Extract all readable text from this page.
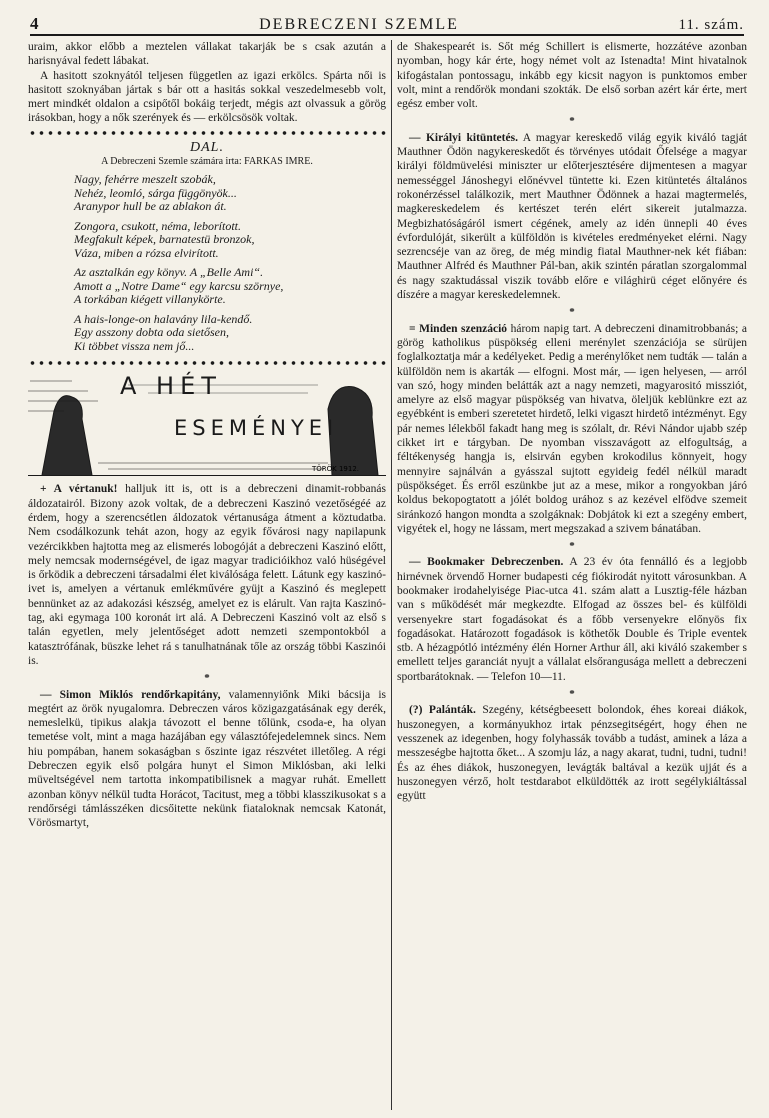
4	DEBRECZENI SZEMLE	11. szám.

uraim, akkor előbb a meztelen vállakat takarják be s csak azután a harisnyával fedett lábakat.

A hasitott szoknyától teljesen független az igazi erkölcs. Spárta női is hasitott szoknyában jártak s bár ott a hasitás sokkal veszedelmesebb volt, mert mindkét oldalon a csipőtől bokáig terjedt, mégis azt olvassuk a görög irásokban, hogy a nők szerények és — erkölcsösök voltak.

DAL.
A Debreczeni Szemle számára irta: FARKAS IMRE.
Nagy, fehérre meszelt szobák,
Nehéz, leomló, sárga függönyök...
Aranypor hull be az ablakon át.
Zongora, csukott, néma, leborított.
Megfakult képek, barnatestü bronzok,
Váza, miben a rózsa elvirított.
Az asztalkán egy könyv. A „Belle Ami“.
Amott a „Notre Dame“ egy karcsu szörnye,
A torkában kiégett villanykörte.
A hais-longe-on halavány lila-kendő.
Egy asszony dobta oda sietősen,
Ki többet vissza nem jő...
TÖRÖK 1912.
A HÉT
ESEMÉNYEI

+ A vértanuk! halljuk itt is, ott is a debreczeni dinamit-robbanás áldozatairól. Bizony azok voltak, de a debreczeni Kaszinó vezetőségéé az érdem, hogy a szerencsétlen áldozatok vértanusága átment a köztudatba. Nem csodálkozunk tehát azon, hogy az egyik fővárosi nagy napilapunk vezércikkben hajtotta meg az elismerés lobogóját a debreczeni Kaszinó előtt, mely nemcsak modernségével, de igaz magyar tradicióikhoz való hüségével is őrködik a debreczeni társadalmi élet kiválósága felett. Látunk egy kaszinó-ivet is, amelyen a vértanuk emlékművére gyüjt a Kaszinó és meglepett bennünket az az adakozási készség, amelyet ez is elárult. Van rajta Kaszinó-tag, aki egymaga 100 koronát irt alá. A Debreczeni Kaszinó volt az első s talán egyetlen, mely jelentőséget adott nemzeti szempontokból a katasztrófának, büszke lehet rá s tanulhatnának tőle az ország többi Kaszinói is.

*

— Simon Miklós rendőrkapitány, valamennyiőnk Miki bácsija is megtért az örök nyugalomra. Debreczen város közigazgatásának egy derék, nemeslelkü, tipikus alakja távozott el benne tőlünk, csoda-e, ha olyan temetése volt, mint a maga hazájában egy választófejedelemnek sincs. Nem hiu pompában, hanem sokaságban s őszinte igaz részvétet illetőleg. A régi Debreczen egyik első polgára hunyt el Simon Miklósban, aki lelki müveltségével nem tartotta inkompatibilisnek a magyar ruhát. Emellett azonban könyv nélkül tudta Horácot, Tacitust, meg a többi klasszikusokat s a rendőrségi támlásszéken dicsőitette nekünk fiataloknak nemcsak Katonát, Vörösmartyt,

de Shakespearét is. Sőt még Schillert is elismerte, hozzátéve azonban nyomban, hogy kár érte, hogy német volt az Istenadta! Mint hivatalnok kifogástalan pontossagu, inkább egy kicsit nagyon is punktomos ember volt, mint a rendőrök mondani szokták. De első sorban azért kár érte, mert egész ember volt.

*

— Királyi kitüntetés. A magyar kereskedő világ egyik kiváló tagját Mauthner Ödön nagykereskedőt és törvényes utódait Őfelsége a magyar királyi földmüvelési miniszter ur előterjesztésére dijmentesen a magyar nemességgel Jánoshegyi előnévvel tüntette ki. Ezen kitüntetés általános rokonérzéssel találkozik, mert Mauthner Ödönnek a hazai magtermelés, magkereskedelem és kertészet terén elért sikereit jutalmazza. Megbizhatóságáról ismert cégének, amely az idén ünnepli 40 éves évfordulóját, sikerült a külföldön is kivételes eredményeket elérni. Nagy sezrencséje van az öreg, de még mindig fiatal Mauthner-nek két fiában: Mauthner Alfréd és Mauthner Pál-ban, akik szintén páratlan szorgalommal és nagy szaktudással viszik tovább előre e világhirü céget előnyére és díszére a magyar kereskedelemnek.

*

= Minden szenzáció három napig tart. A debreczeni dinamitrobbanás; a görög katholikus püspökség elleni merénylet szenzációja se sürüjen foglalkoztatja már a kedélyeket. Pedig a merénylőket nem tudták — talán a külföldön nem is akarták — elfogni. Most már, — igen helyesen, — arról van szó, hogy minden belátták azt a nagy nemzeti, magyarositó missziót, amelyre az első magyar püspökség van hivatva, öleljük keblünkre ezt az egyébként is emberi szeretetet hirdető, lelki vigaszt hirdető intézményt. Egy pár nemes lélekből fakadt hang meg is szólalt, dr. Révi Nándor ujabb szép cikket irt e tárgyban. De nyomban visszavágott az elfogultság, a féltékenység hangja is, elsirván egyben krokodilus könnyeit, hogy mennyire sajnálván a gyásszal sujtott egyideig fedél nélkül maradt püspökséget. És erről eszünkbe jut az a mese, mikor a rongyokban járó koldus bekopogtatott a jólét boldog urához s az kezével elfödve szemeit siránkozó hangon mondta a szolgáknak: Dobjátok ki ezt a szegény embert, vigyétek el, hogy ne lássam, mert megszakad a szivem bánatában.

*

— Bookmaker Debreczenben. A 23 év óta fennálló és a legjobb hirnévnek örvendő Horner budapesti cég fiókirodát nyitott városunkban. A bookmaker irodahelyisége Piac-utca 41. szám alatt a Lusztig-féle házban van s működését már megkezdte. Elfogad az összes bel- és külföldi versenyekre start fogadásokat és a főbb versenyekre előnyös fix fogadásokat. Határozott fogadások is köthetők Double és Triple eventek stb. A hézagpótló intézmény élén Horner Arthur áll, aki kiváló szakember s emellett teljes garanciát nyujt a vállalat elsőrangusága mellett a debreczeni sportbarátoknak. — Telefon 10—11.

*

(?) Palánták. Szegény, kétségbeesett bolondok, éhes koreai diákok, huszonegyen, a kormányukhoz irtak pénzsegitségért, hogy éhen ne vesszenek az idegenben, hogy folyhassák tovább a tudást, aminek a láza a messzeségbe hajtotta őket... A szomju láz, a nagy akarat, tudni, tudni, tudni! És az éhes diákok, huszonegyen, levágták baltával a kezük ujját és a huszonegyen vérző, holt testdarabot elküldötték az irott segélykiáltással együtt
